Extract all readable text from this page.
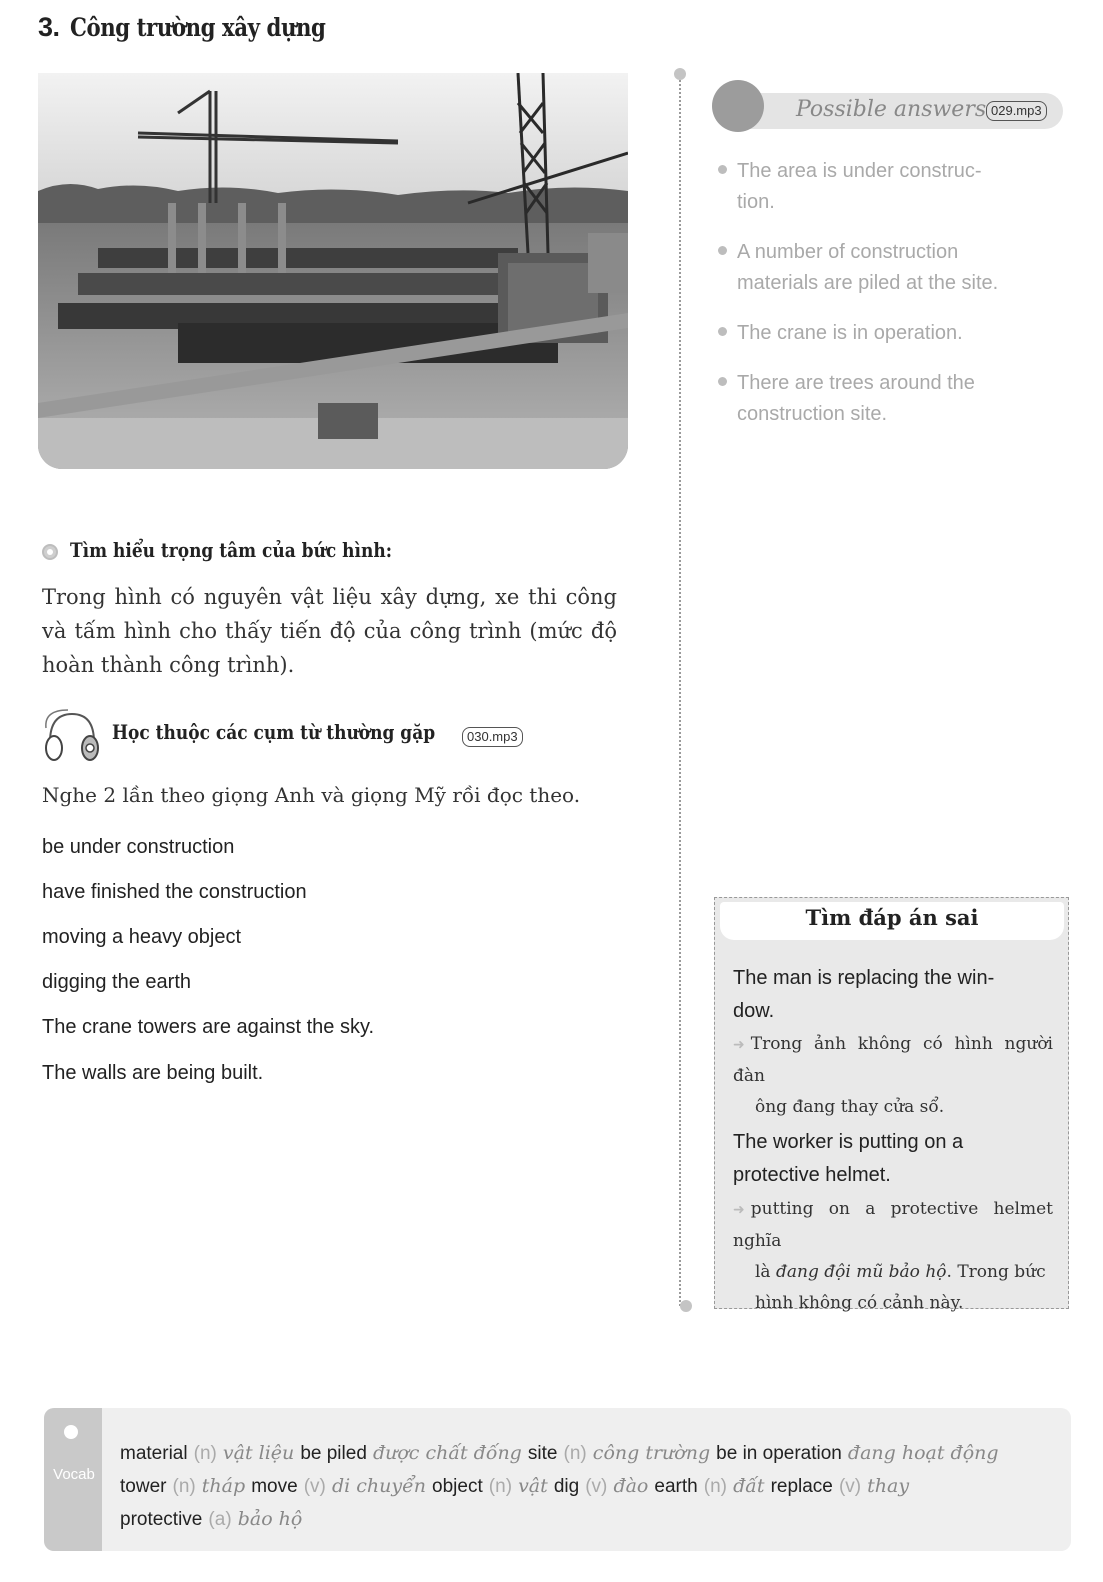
3. Công trường xây dựng
Tìm hiểu trọng tâm của bức hình:
Trong hình có nguyên vật liệu xây dựng, xe thi công và tấm hình cho thấy tiến độ của công trình (mức độ hoàn thành công trình).
Học thuộc các cụm từ thường gặp	030.mp3
Nghe 2 lần theo giọng Anh và giọng Mỹ rồi đọc theo.
be under construction
have finished the construction
moving a heavy object
digging the earth
The crane towers are against the sky.
The walls are being built.
Possible answers 029.mp3
The area is under construc-
tion.
A number of construction
materials are piled at the site.
The crane is in operation.
There are trees around the
construction site.
Tìm đáp án sai
The man is replacing the win-
dow.
➜ Trong ảnh không có hình người đàn
ông đang thay cửa sổ.
The worker is putting on a
protective helmet.
➜ putting on a protective helmet nghĩa
là đang đội mũ bảo hộ. Trong bức
hình không có cảnh này.
Vocab
material (n) vật liệu be piled được chất đống site (n) công trường be in operation đang hoạt động
tower (n) tháp move (v) di chuyển object (n) vật dig (v) đào earth (n) đất replace (v) thay
protective (a) bảo hộ
